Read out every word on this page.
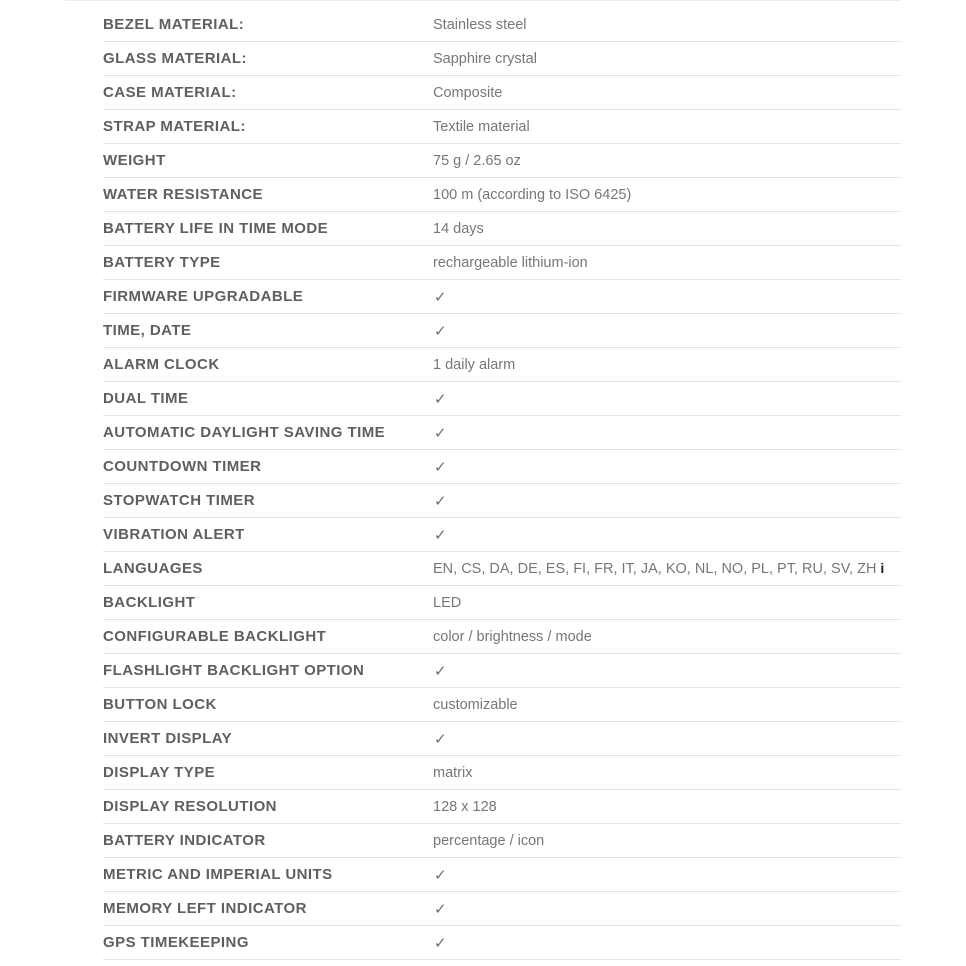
BEZEL MATERIAL:	Stainless steel
GLASS MATERIAL:	Sapphire crystal
CASE MATERIAL:	Composite
STRAP MATERIAL:	Textile material
WEIGHT	75 g / 2.65 oz
WATER RESISTANCE	100 m (according to ISO 6425)
BATTERY LIFE IN TIME MODE	14 days
BATTERY TYPE	rechargeable lithium-ion
FIRMWARE UPGRADABLE	✓
TIME, DATE	✓
ALARM CLOCK	1 daily alarm
DUAL TIME	✓
AUTOMATIC DAYLIGHT SAVING TIME	✓
COUNTDOWN TIMER	✓
STOPWATCH TIMER	✓
VIBRATION ALERT	✓
LANGUAGES	EN, CS, DA, DE, ES, FI, FR, IT, JA, KO, NL, NO, PL, PT, RU, SV, ZH i
BACKLIGHT	LED
CONFIGURABLE BACKLIGHT	color / brightness / mode
FLASHLIGHT BACKLIGHT OPTION	✓
BUTTON LOCK	customizable
INVERT DISPLAY	✓
DISPLAY TYPE	matrix
DISPLAY RESOLUTION	128 x 128
BATTERY INDICATOR	percentage / icon
METRIC AND IMPERIAL UNITS	✓
MEMORY LEFT INDICATOR	✓
GPS TIMEKEEPING	✓
